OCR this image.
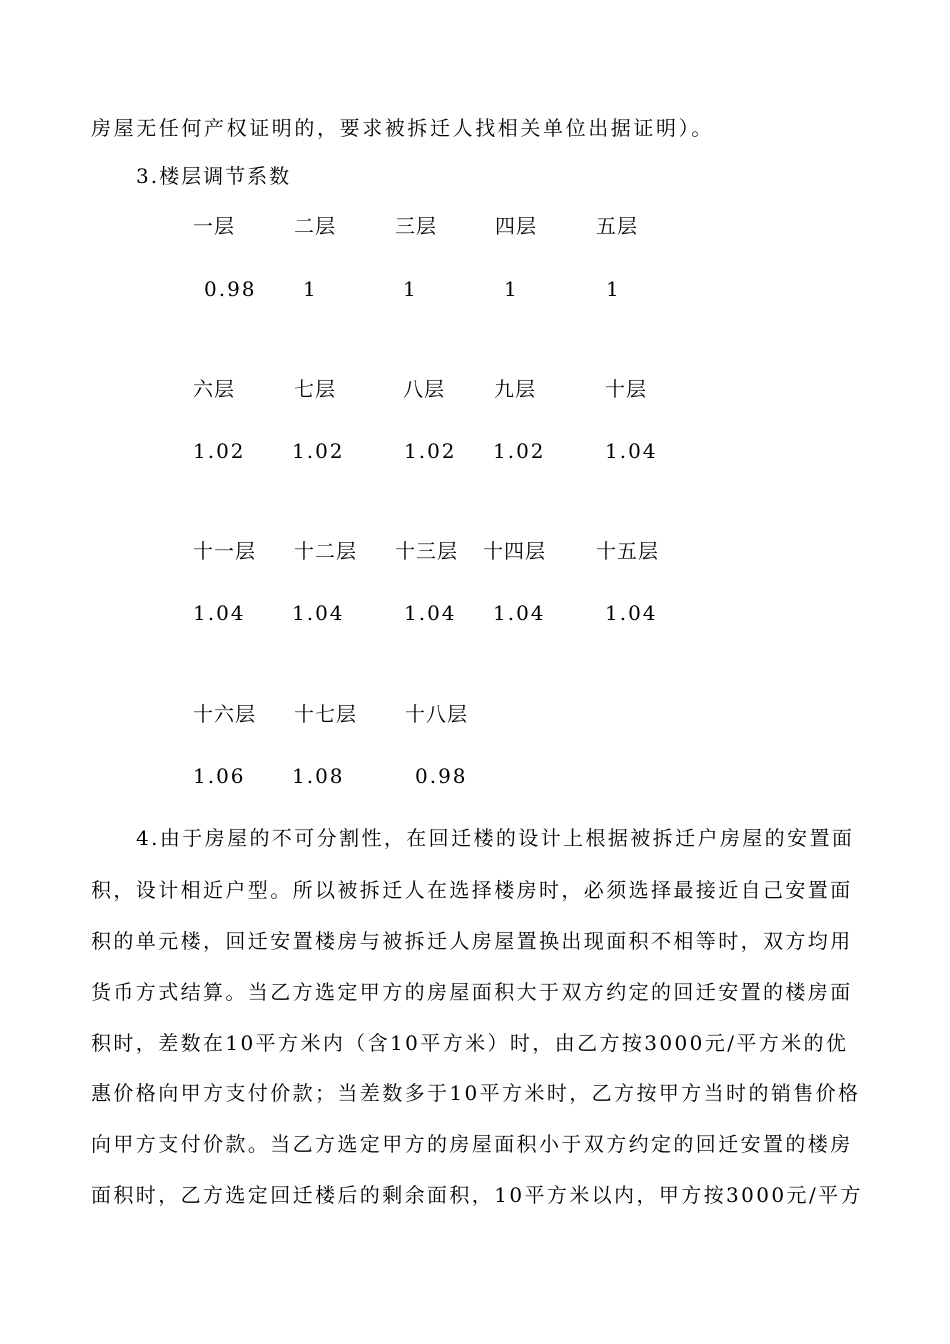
房屋无任何产权证明的，要求被拆迁人找相关单位出据证明）。
3.楼层调节系数
一层	二层	三层	四层	五层
0.98 1	1	1	1
六层	七层	八层 九层	十层
1.02 1.02	1.02 1.02	1.04
十一层 十二层 十三层 十四层	十五层
1.04 1.04	1.04 1.04	1.04
十六层 十七层 十八层
1.06 1.08	0.98
4.由于房屋的不可分割性，在回迁楼的设计上根据被拆迁户房屋的安置面
积，设计相近户型。所以被拆迁人在选择楼房时，必须选择最接近自己安置面
积的单元楼，回迁安置楼房与被拆迁人房屋置换出现面积不相等时，双方均用
货币方式结算。当乙方选定甲方的房屋面积大于双方约定的回迁安置的楼房面
积时，差数在10平方米内（含10平方米）时，由乙方按3000元/平方米的优
惠价格向甲方支付价款；当差数多于10平方米时，乙方按甲方当时的销售价格
向甲方支付价款。当乙方选定甲方的房屋面积小于双方约定的回迁安置的楼房
面积时，乙方选定回迁楼后的剩余面积，10平方米以内，甲方按3000元/平方
